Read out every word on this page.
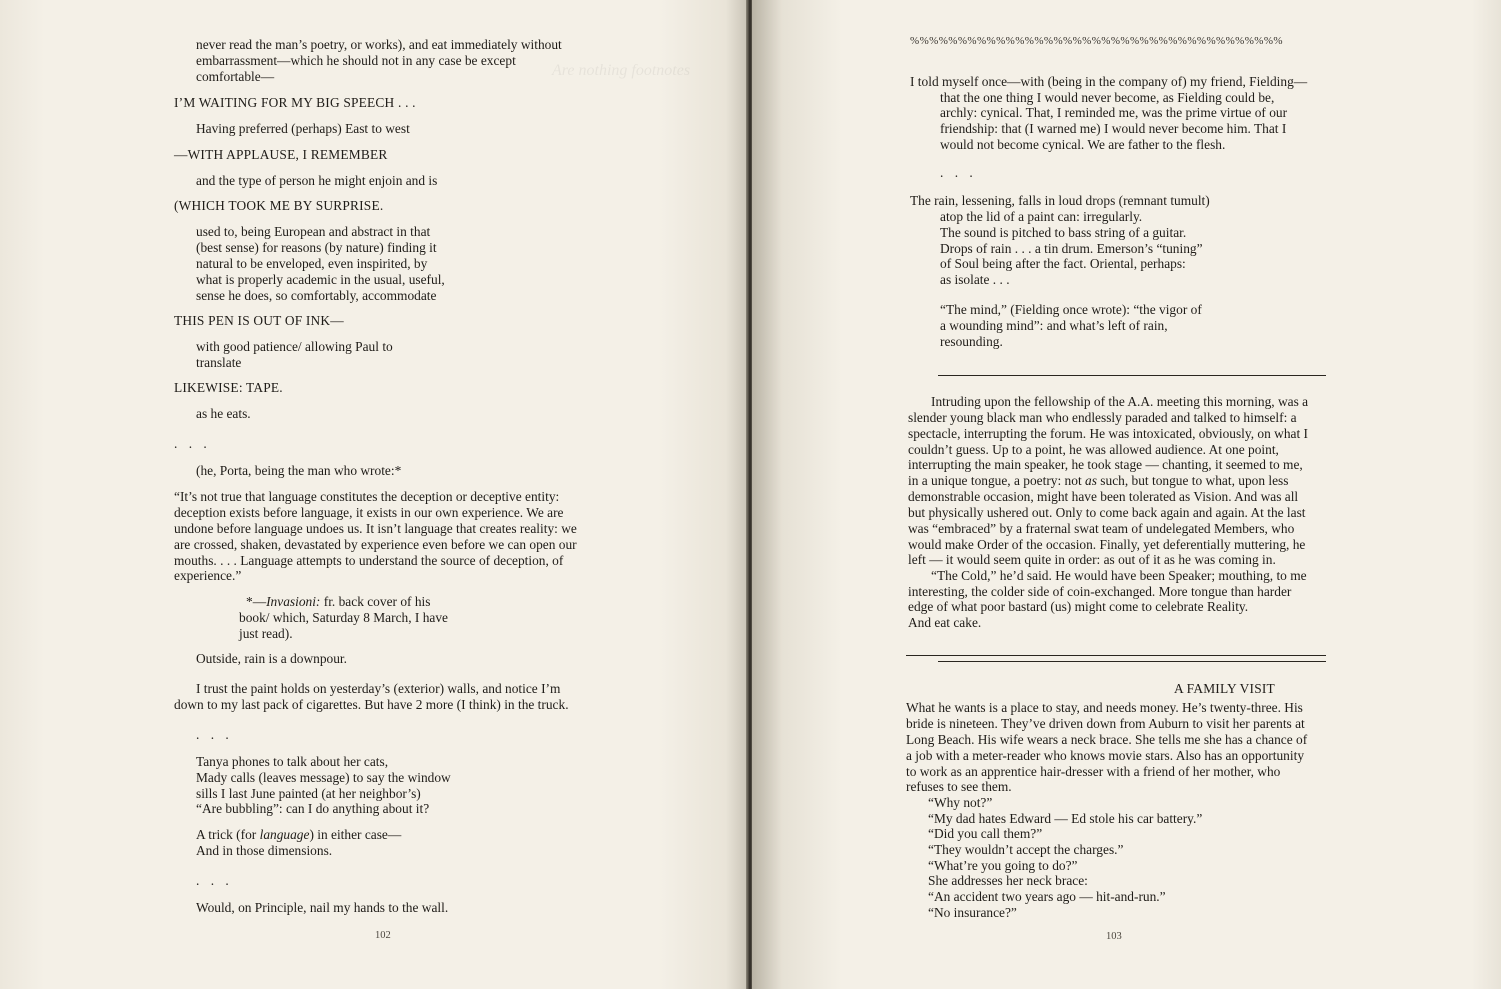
Are nothing footnotes

never read the man’s poetry, or works), and eat immediately without

embarrassment—which he should not in any case be except

comfortable—

I’M WAITING FOR MY BIG SPEECH . . .

Having preferred (perhaps) East to west

—WITH APPLAUSE, I REMEMBER

and the type of person he might enjoin and is

(WHICH TOOK ME BY SURPRISE.

used to, being European and abstract in that

(best sense) for reasons (by nature) finding it

natural to be enveloped, even inspirited, by

what is properly academic in the usual, useful,

sense he does, so comfortably, accommodate

THIS PEN IS OUT OF INK—

with good patience/ allowing Paul to

translate

LIKEWISE: TAPE.

as he eats.

. . .

(he, Porta, being the man who wrote:*

“It’s not true that language constitutes the deception or deceptive entity:

deception exists before language, it exists in our own experience. We are

undone before language undoes us. It isn’t language that creates reality: we

are crossed, shaken, devastated by experience even before we can open our

mouths. . . . Language attempts to understand the source of deception, of

experience.”

*—Invasioni: fr. back cover of his

book/ which, Saturday 8 March, I have

just read).

Outside, rain is a downpour.

I trust the paint holds on yesterday’s (exterior) walls, and notice I’m

down to my last pack of cigarettes. But have 2 more (I think) in the truck.

. . .

Tanya phones to talk about her cats,

Mady calls (leaves message) to say the window

sills I last June painted (at her neighbor’s)

“Are bubbling”: can I do anything about it?

A trick (for language) in either case—

And in those dimensions.

. . .

Would, on Principle, nail my hands to the wall.

102
%%%%%%%%%%%%%%%%%%%%%%%%%%%%%%%%%%%%%%%

I told myself once—with (being in the company of) my friend, Fielding—

that the one thing I would never become, as Fielding could be,

archly: cynical. That, I reminded me, was the prime virtue of our

friendship: that (I warned me) I would never become him. That I

would not become cynical. We are father to the flesh.

. . .

The rain, lessening, falls in loud drops (remnant tumult)

atop the lid of a paint can: irregularly.

The sound is pitched to bass string of a guitar.

Drops of rain . . . a tin drum. Emerson’s “tuning”

of Soul being after the fact. Oriental, perhaps:

as isolate . . .

“The mind,” (Fielding once wrote): “the vigor of

a wounding mind”: and what’s left of rain,

resounding.

Intruding upon the fellowship of the A.A. meeting this morning, was a

slender young black man who endlessly paraded and talked to himself: a

spectacle, interrupting the forum. He was intoxicated, obviously, on what I

couldn’t guess. Up to a point, he was allowed audience. At one point,

interrupting the main speaker, he took stage — chanting, it seemed to me,

in a unique tongue, a poetry: not as such, but tongue to what, upon less

demonstrable occasion, might have been tolerated as Vision. And was all

but physically ushered out. Only to come back again and again. At the last

was “embraced” by a fraternal swat team of undelegated Members, who

would make Order of the occasion. Finally, yet deferentially muttering, he

left — it would seem quite in order: as out of it as he was coming in.

“The Cold,” he’d said. He would have been Speaker; mouthing, to me

interesting, the colder side of coin-exchanged. More tongue than harder

edge of what poor bastard (us) might come to celebrate Reality.

And eat cake.

A FAMILY VISIT

What he wants is a place to stay, and needs money. He’s twenty-three. His

bride is nineteen. They’ve driven down from Auburn to visit her parents at

Long Beach. His wife wears a neck brace. She tells me she has a chance of

a job with a meter-reader who knows movie stars. Also has an opportunity

to work as an apprentice hair-dresser with a friend of her mother, who

refuses to see them.

“Why not?”

“My dad hates Edward — Ed stole his car battery.”

“Did you call them?”

“They wouldn’t accept the charges.”

“What’re you going to do?”

She addresses her neck brace:

“An accident two years ago — hit-and-run.”

“No insurance?”

103
